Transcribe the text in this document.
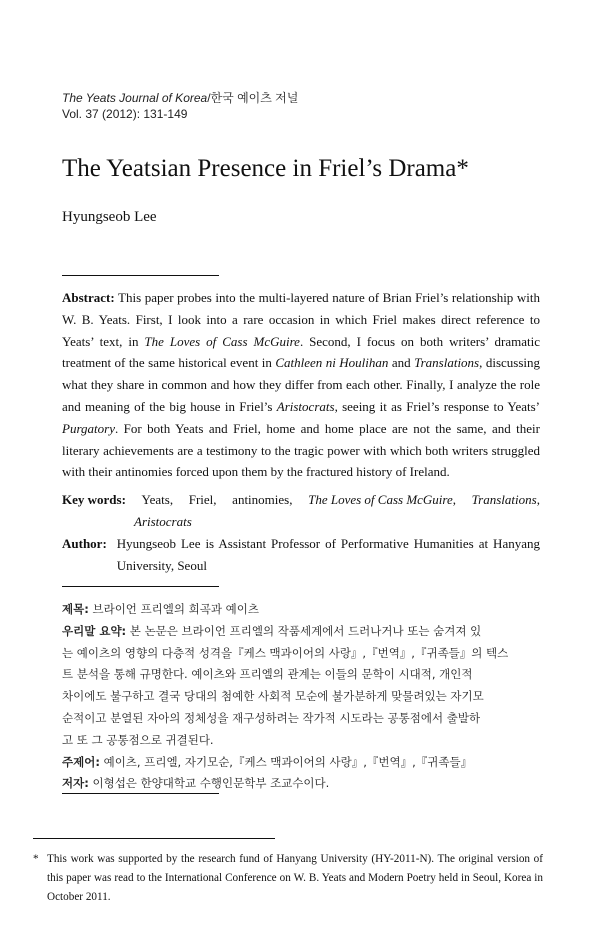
The Yeats Journal of Korea/한국 예이츠 저널
Vol. 37 (2012): 131-149
The Yeatsian Presence in Friel’s Drama*
Hyungseob Lee
Abstract: This paper probes into the multi-layered nature of Brian Friel’s relationship with W. B. Yeats. First, I look into a rare occasion in which Friel makes direct reference to Yeats’ text, in The Loves of Cass McGuire. Second, I focus on both writers’ dramatic treatment of the same historical event in Cathleen ni Houlihan and Translations, discussing what they share in common and how they differ from each other. Finally, I analyze the role and meaning of the big house in Friel’s Aristocrats, seeing it as Friel’s response to Yeats’ Purgatory. For both Yeats and Friel, home and home place are not the same, and their literary achievements are a testimony to the tragic power with which both writers struggled with their antinomies forced upon them by the fractured history of Ireland.
Key words: Yeats, Friel, antinomies, The Loves of Cass McGuire, Translations,
Aristocrats
Author: Hyungseob Lee is Assistant Professor of Performative Humanities at Hanyang University, Seoul
제목: 브라이언 프리엘의 희곡과 예이츠
우리말 요약: 본 논문은 브라이언 프리엘의 작품세계에서 드러나거나 또는 숨겨져 있
는 예이츠의 영향의 다층적 성격을『케스 맥과이어의 사랑』,『번역』,『귀족들』의 텍스
트 분석을 통해 규명한다. 예이츠와 프리엘의 관계는 이들의 문학이 시대적, 개인적
차이에도 불구하고 결국 당대의 첨예한 사회적 모순에 불가분하게 맞물려있는 자기모
순적이고 분열된 자아의 정체성을 재구성하려는 작가적 시도라는 공통점에서 출발하
고 또 그 공통점으로 귀결된다.
주제어: 예이츠, 프리엘, 자기모순,『케스 맥과이어의 사랑』,『번역』,『귀족들』
저자: 이형섭은 한양대학교 수행인문학부 조교수이다.
* This work was supported by the research fund of Hanyang University (HY-2011-N). The original version of this paper was read to the International Conference on W. B. Yeats and Modern Poetry held in Seoul, Korea in October 2011.
